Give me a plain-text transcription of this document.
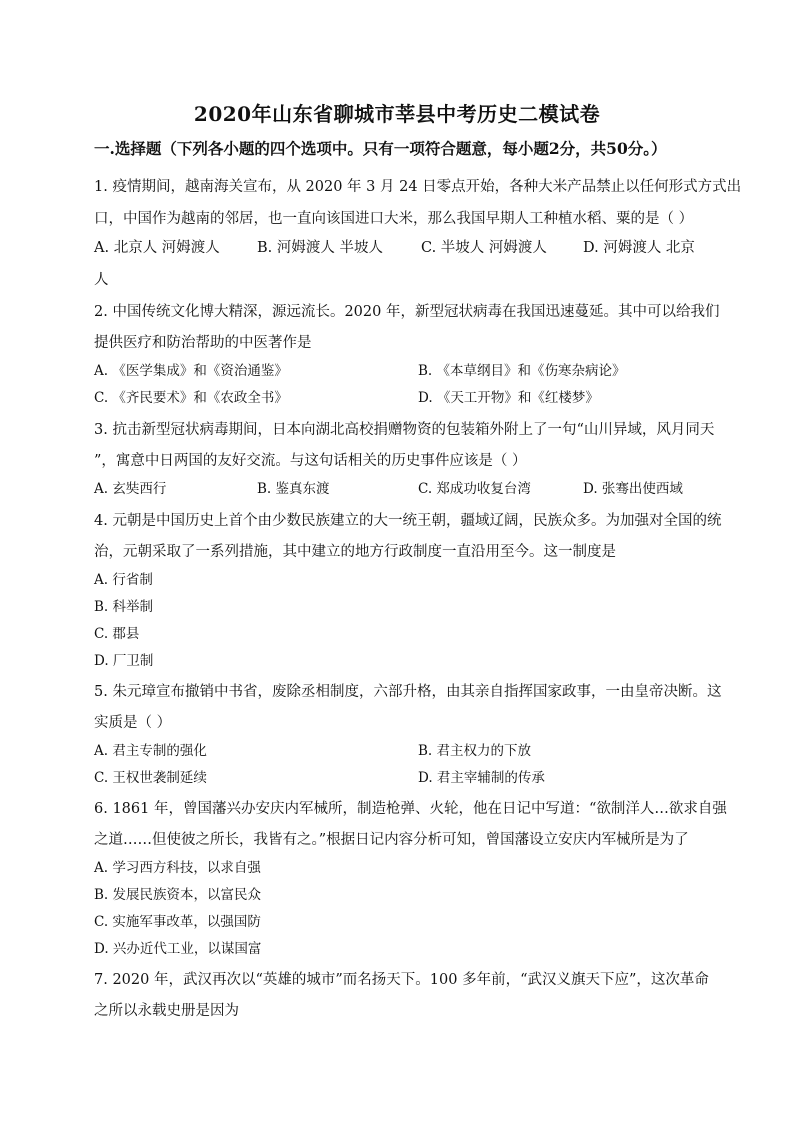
2020年山东省聊城市莘县中考历史二模试卷
一.选择题（下列各小题的四个选项中。只有一项符合题意，每小题2分，共50分。）
1. 疫情期间，越南海关宣布，从 2020 年 3 月 24 日零点开始，各种大米产品禁止以任何形式方式出
口，中国作为越南的邻居，也一直向该国进口大米，那么我国早期人工种植水稻、粟的是（ ）
A. 北京人 河姆渡人	B. 河姆渡人 半坡人	C. 半坡人 河姆渡人 D. 河姆渡人 北京
人
2. 中国传统文化博大精深，源远流长。2020 年，新型冠状病毒在我国迅速蔓延。其中可以给我们
提供医疗和防治帮助的中医著作是
A. 《医学集成》和《资治通鉴》	B. 《本草纲目》和《伤寒杂病论》
C. 《齐民要术》和《农政全书》	D. 《天工开物》和《红楼梦》
3. 抗击新型冠状病毒期间，日本向湖北高校捐赠物资的包装箱外附上了一句“山川异域，风月同天
”，寓意中日两国的友好交流。与这句话相关的历史事件应该是（ ）
A. 玄奘西行	B. 鉴真东渡	C. 郑成功收复台湾	D. 张骞出使西域
4. 元朝是中国历史上首个由少数民族建立的大一统王朝，疆域辽阔，民族众多。为加强对全国的统
治，元朝采取了一系列措施，其中建立的地方行政制度一直沿用至今。这一制度是
A. 行省制
B. 科举制
C. 郡县
D. 厂卫制
5. 朱元璋宣布撤销中书省，废除丞相制度，六部升格，由其亲自指挥国家政事，一由皇帝决断。这
实质是（ ）
A. 君主专制的强化	B. 君主权力的下放
C. 王权世袭制延续	D. 君主宰辅制的传承
6. 1861 年，曾国藩兴办安庆内军械所，制造枪弹、火轮，他在日记中写道：“欲制洋人…欲求自强
之道……但使彼之所长，我皆有之。”根据日记内容分析可知，曾国藩设立安庆内军械所是为了
A. 学习西方科技，以求自强
B. 发展民族资本，以富民众
C. 实施军事改革，以强国防
D. 兴办近代工业，以谋国富
7. 2020 年，武汉再次以“英雄的城市”而名扬天下。100 多年前，“武汉义旗天下应”，这次革命
之所以永载史册是因为
